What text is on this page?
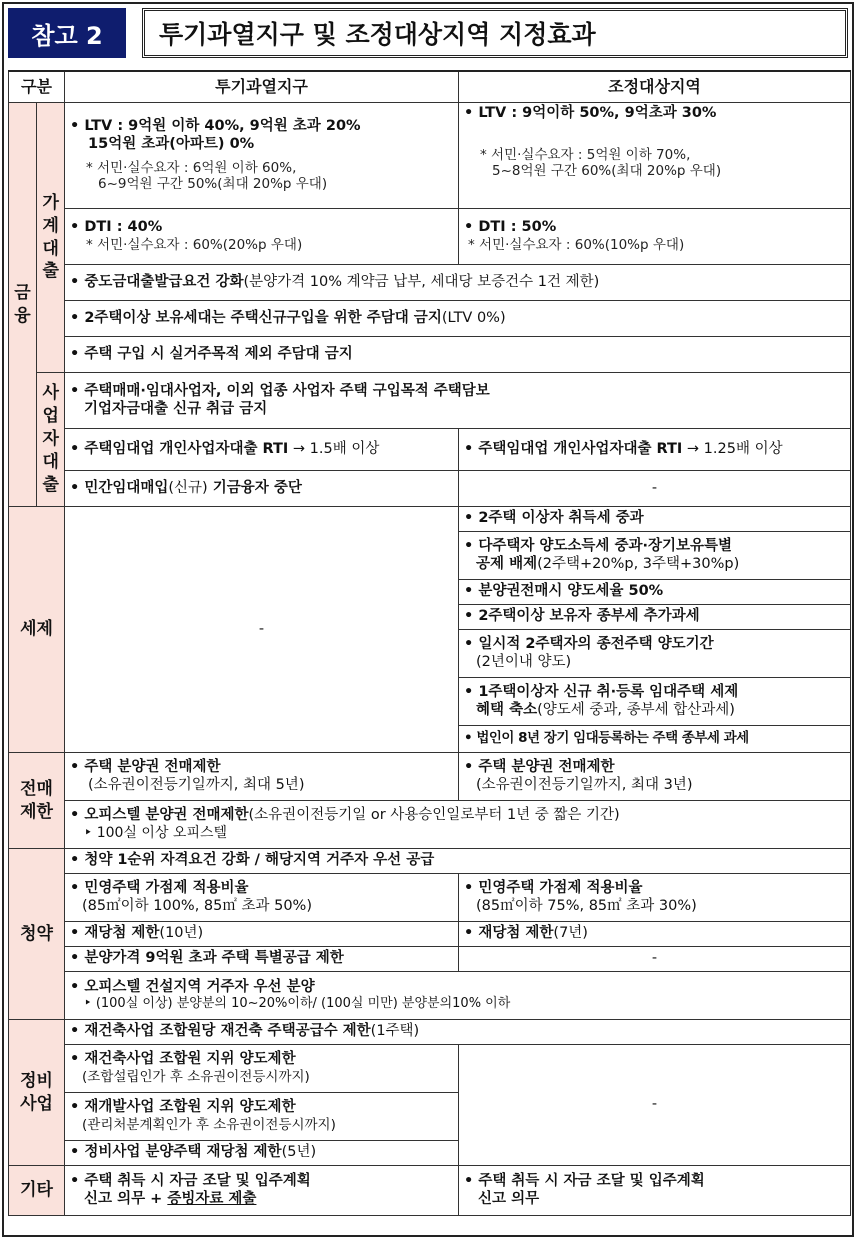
참고 2	투기과열지구 및 조정대상지역 지정효과
구분		투기과열지구	조정대상지역
금융	가계대출	• LTV : 9억원 이하 40%, 9억원 초과 20%
15억원 초과(아파트) 0%
* 서민·실수요자 : 6억원 이하 60%,
6~9억원 구간 50%(최대 20%p 우대)	• LTV : 9억이하 50%, 9억초과 30%
* 서민·실수요자 : 5억원 이하 70%,
5~8억원 구간 60%(최대 20%p 우대)

		• DTI : 40%
* 서민·실수요자 : 60%(20%p 우대)	• DTI : 50%
* 서민·실수요자 : 60%(10%p 우대)

		• 중도금대출발급요건 강화(분양가격 10% 계약금 납부, 세대당 보증건수 1건 제한)	
		• 2주택이상 보유세대는 주택신규구입을 위한 주담대 금지(LTV 0%)	
		• 주택 구입 시 실거주목적 제외 주담대 금지	
	사업자대출	• 주택매매·임대사업자, 이외 업종 사업자 주택 구입목적 주택담보
기업자금대출 신규 취급 금지	

		• 주택임대업 개인사업자대출 RTI → 1.5배 이상	• 주택임대업 개인사업자대출 RTI → 1.25배 이상
		• 민간임대매입(신규) 기금융자 중단	-
세제		-	• 2주택 이상자 취득세 중과

			• 다주택자 양도소득세 중과·장기보유특별
공제 배제(2주택+20%p, 3주택+30%p)

			• 분양권전매시 양도세율 50%
			• 2주택이상 보유자 종부세 추가과세

			• 일시적 2주택자의 종전주택 양도기간
(2년이내 양도)

			• 1주택이상자 신규 취·등록 임대주택 세제
혜택 축소(양도세 중과, 종부세 합산과세)

			• 법인이 8년 장기 임대등록하는 주택 종부세 과세
전매제한		• 주택 분양권 전매제한
(소유권이전등기일까지, 최대 5년)	• 주택 분양권 전매제한
(소유권이전등기일까지, 최대 3년)

		• 오피스텔 분양권 전매제한(소유권이전등기일 or 사용승인일로부터 1년 중 짧은 기간)
‣ 100실 이상 오피스텔	

청약		• 청약 1순위 자격요건 강화 / 해당지역 거주자 우선 공급	

		• 민영주택 가점제 적용비율
(85㎡이하 100%, 85㎡ 초과 50%)	• 민영주택 가점제 적용비율
(85㎡이하 75%, 85㎡ 초과 30%)

		• 재당첨 제한(10년)	• 재당첨 제한(7년)
		• 분양가격 9억원 초과 주택 특별공급 제한	-

		• 오피스텔 건설지역 거주자 우선 분양
‣ (100실 이상) 분양분의 10~20%이하/ (100실 미만) 분양분의10% 이하	

정비사업		• 재건축사업 조합원당 재건축 주택공급수 제한(1주택)	

		• 재건축사업 조합원 지위 양도제한
(조합설립인가 후 소유권이전등시까지)	-

		• 재개발사업 조합원 지위 양도제한
(관리처분계획인가 후 소유권이전등시까지)	

		• 정비사업 분양주택 재당첨 제한(5년)	
기타		• 주택 취득 시 자금 조달 및 입주계획
신고 의무 + 증빙자료 제출	• 주택 취득 시 자금 조달 및 입주계획
신고 의무
